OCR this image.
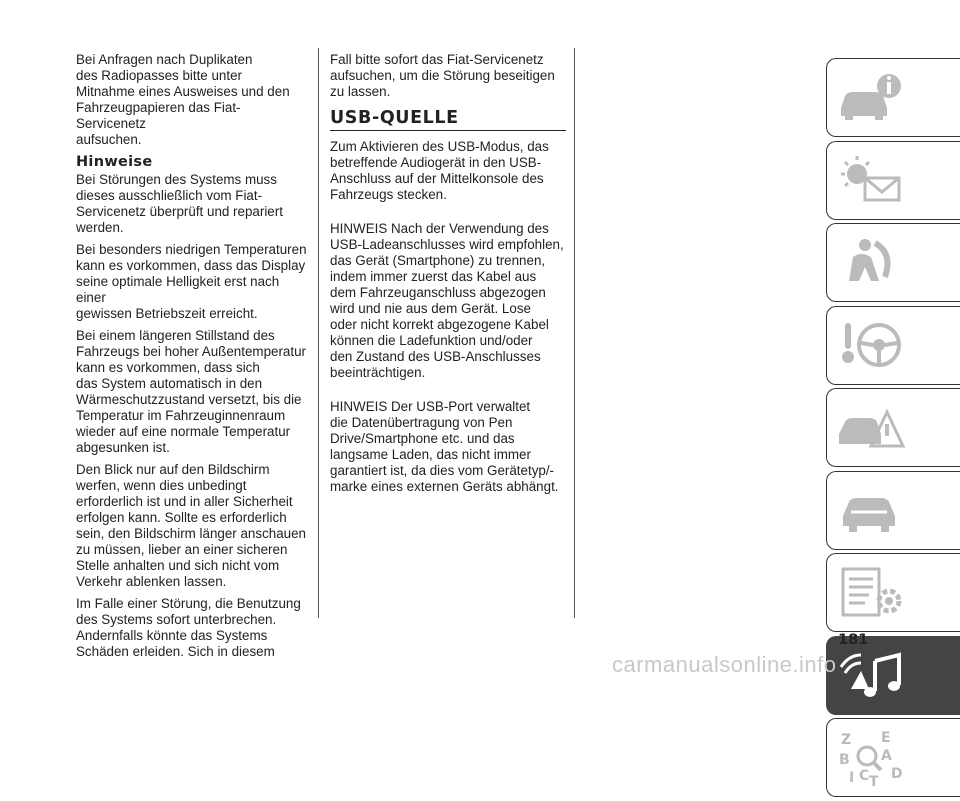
Bei Anfragen nach Duplikaten
des Radiopasses bitte unter
Mitnahme eines Ausweises und den
Fahrzeugpapieren das Fiat-Servicenetz
aufsuchen.

Hinweise

Bei Störungen des Systems muss
dieses ausschließlich vom Fiat-
Servicenetz überprüft und repariert
werden.

Bei besonders niedrigen Temperaturen
kann es vorkommen, dass das Display
seine optimale Helligkeit erst nach einer
gewissen Betriebszeit erreicht.

Bei einem längeren Stillstand des
Fahrzeugs bei hoher Außentemperatur
kann es vorkommen, dass sich
das System automatisch in den
Wärmeschutzzustand versetzt, bis die
Temperatur im Fahrzeuginnenraum
wieder auf eine normale Temperatur
abgesunken ist.

Den Blick nur auf den Bildschirm
werfen, wenn dies unbedingt
erforderlich ist und in aller Sicherheit
erfolgen kann. Sollte es erforderlich
sein, den Bildschirm länger anschauen
zu müssen, lieber an einer sicheren
Stelle anhalten und sich nicht vom
Verkehr ablenken lassen.

Im Falle einer Störung, die Benutzung
des Systems sofort unterbrechen.
Andernfalls könnte das Systems
Schäden erleiden. Sich in diesem

Fall bitte sofort das Fiat-Servicenetz
aufsuchen, um die Störung beseitigen
zu lassen.

USB-QUELLE

Zum Aktivieren des USB-Modus, das
betreffende Audiogerät in den USB-
Anschluss auf der Mittelkonsole des
Fahrzeugs stecken.

HINWEIS Nach der Verwendung des
USB-Ladeanschlusses wird empfohlen,
das Gerät (Smartphone) zu trennen,
indem immer zuerst das Kabel aus
dem Fahrzeuganschluss abgezogen
wird und nie aus dem Gerät. Lose
oder nicht korrekt abgezogene Kabel
können die Ladefunktion und/oder
den Zustand des USB-Anschlusses
beeinträchtigen.

HINWEIS Der USB-Port verwaltet
die Datenübertragung von Pen
Drive/Smartphone etc. und das
langsame Laden, das nicht immer
garantiert ist, da dies vom Gerätetyp/-
marke eines externen Geräts abhängt.

Z E
B A
C T D
I
181
carmanualsonline.info
